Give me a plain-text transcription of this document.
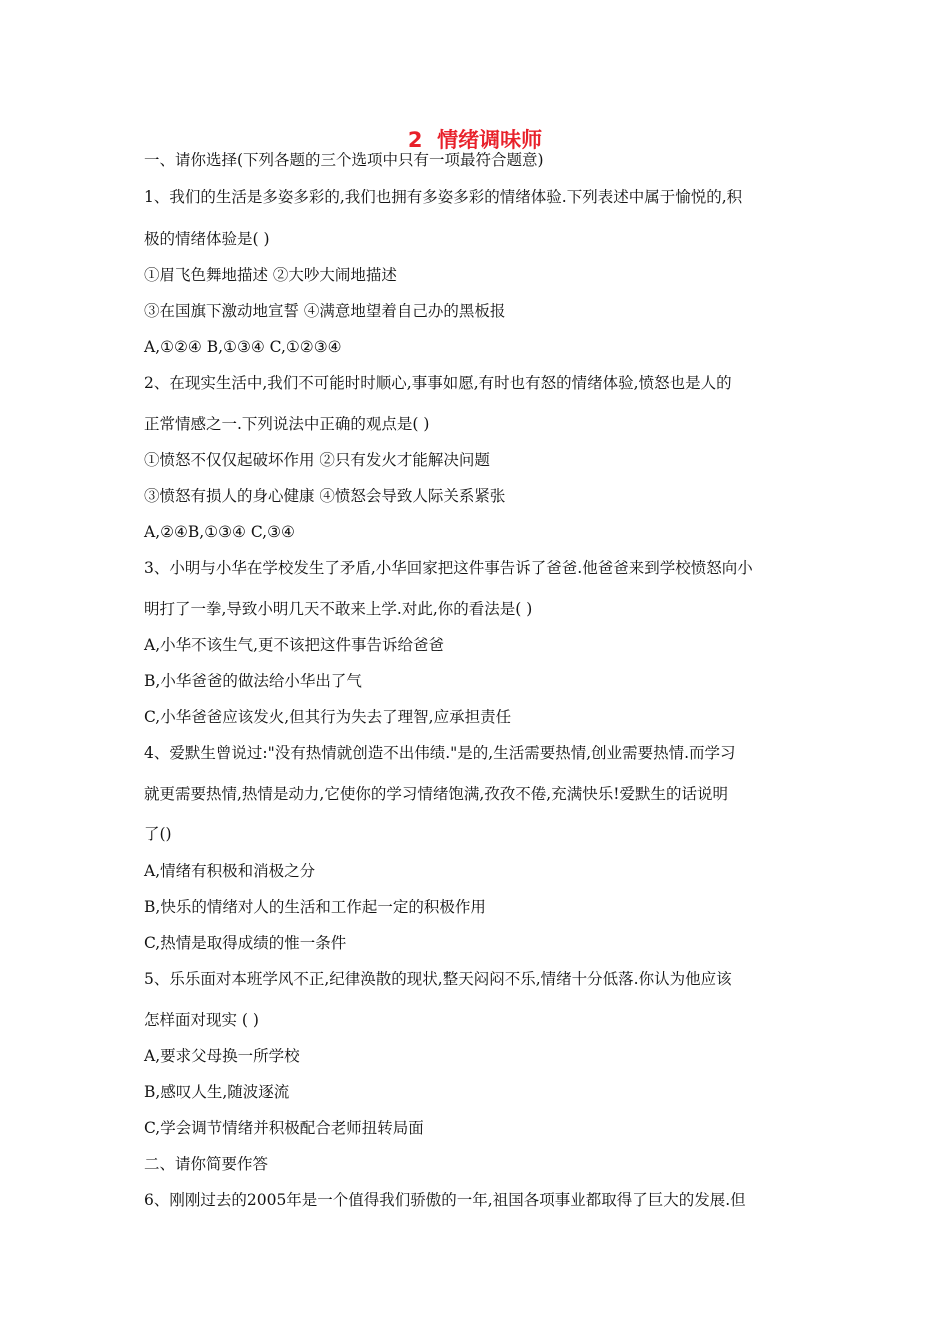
2  情绪调味师
一、请你选择(下列各题的三个选项中只有一项最符合题意)
1、我们的生活是多姿多彩的,我们也拥有多姿多彩的情绪体验.下列表述中属于愉悦的,积
极的情绪体验是( )
①眉飞色舞地描述 ②大吵大闹地描述
③在国旗下激动地宣誓 ④满意地望着自己办的黑板报
A,①②④ B,①③④ C,①②③④
2、在现实生活中,我们不可能时时顺心,事事如愿,有时也有怒的情绪体验,愤怒也是人的
正常情感之一.下列说法中正确的观点是( )
①愤怒不仅仅起破坏作用 ②只有发火才能解决问题
③愤怒有损人的身心健康 ④愤怒会导致人际关系紧张
A,②④B,①③④ C,③④
3、小明与小华在学校发生了矛盾,小华回家把这件事告诉了爸爸.他爸爸来到学校愤怒向小
明打了一拳,导致小明几天不敢来上学.对此,你的看法是( )
A,小华不该生气,更不该把这件事告诉给爸爸
B,小华爸爸的做法给小华出了气
C,小华爸爸应该发火,但其行为失去了理智,应承担责任
4、爱默生曾说过:"没有热情就创造不出伟绩."是的,生活需要热情,创业需要热情.而学习
就更需要热情,热情是动力,它使你的学习情绪饱满,孜孜不倦,充满快乐!爱默生的话说明
了()
A,情绪有积极和消极之分
B,快乐的情绪对人的生活和工作起一定的积极作用
C,热情是取得成绩的惟一条件
5、乐乐面对本班学风不正,纪律涣散的现状,整天闷闷不乐,情绪十分低落.你认为他应该
怎样面对现实 ( )
A,要求父母换一所学校
B,感叹人生,随波逐流
C,学会调节情绪并积极配合老师扭转局面
二、请你简要作答
6、刚刚过去的2005年是一个值得我们骄傲的一年,祖国各项事业都取得了巨大的发展.但
